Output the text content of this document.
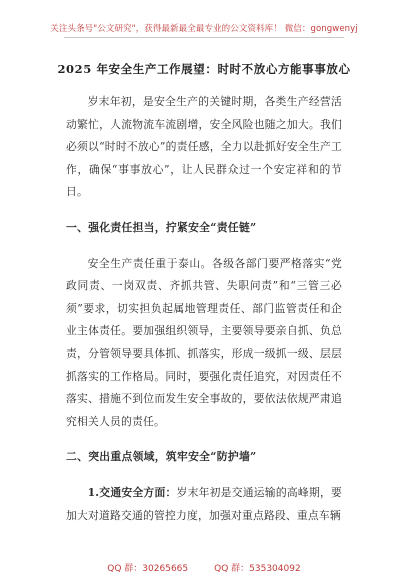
关注头条号"公文研究"，获得最新最全最专业的公文资料库！ 微信：gongwenyj
2025 年安全生产工作展望：时时不放心方能事事放心

岁末年初，是安全生产的关键时期，各类生产经营活动繁忙，人流物流车流剧增，安全风险也随之加大。我们必须以“时时不放心”的责任感，全力以赴抓好安全生产工作，确保“事事放心”，让人民群众过一个安定祥和的节日。

一、强化责任担当，拧紧安全“责任链”

安全生产责任重于泰山。各级各部门要严格落实“党政同责、一岗双责、齐抓共管、失职问责”和“三管三必须”要求，切实担负起属地管理责任、部门监管责任和企业主体责任。要加强组织领导，主要领导要亲自抓、负总责，分管领导要具体抓、抓落实，形成一级抓一级、层层抓落实的工作格局。同时，要强化责任追究，对因责任不落实、措施不到位而发生安全事故的，要依法依规严肃追究相关人员的责任。

二、突出重点领域，筑牢安全“防护墙”

1.交通安全方面：岁末年初是交通运输的高峰期，要加大对道路交通的管控力度，加强对重点路段、重点车辆

QQ 群：30265665	QQ 群：535304092
